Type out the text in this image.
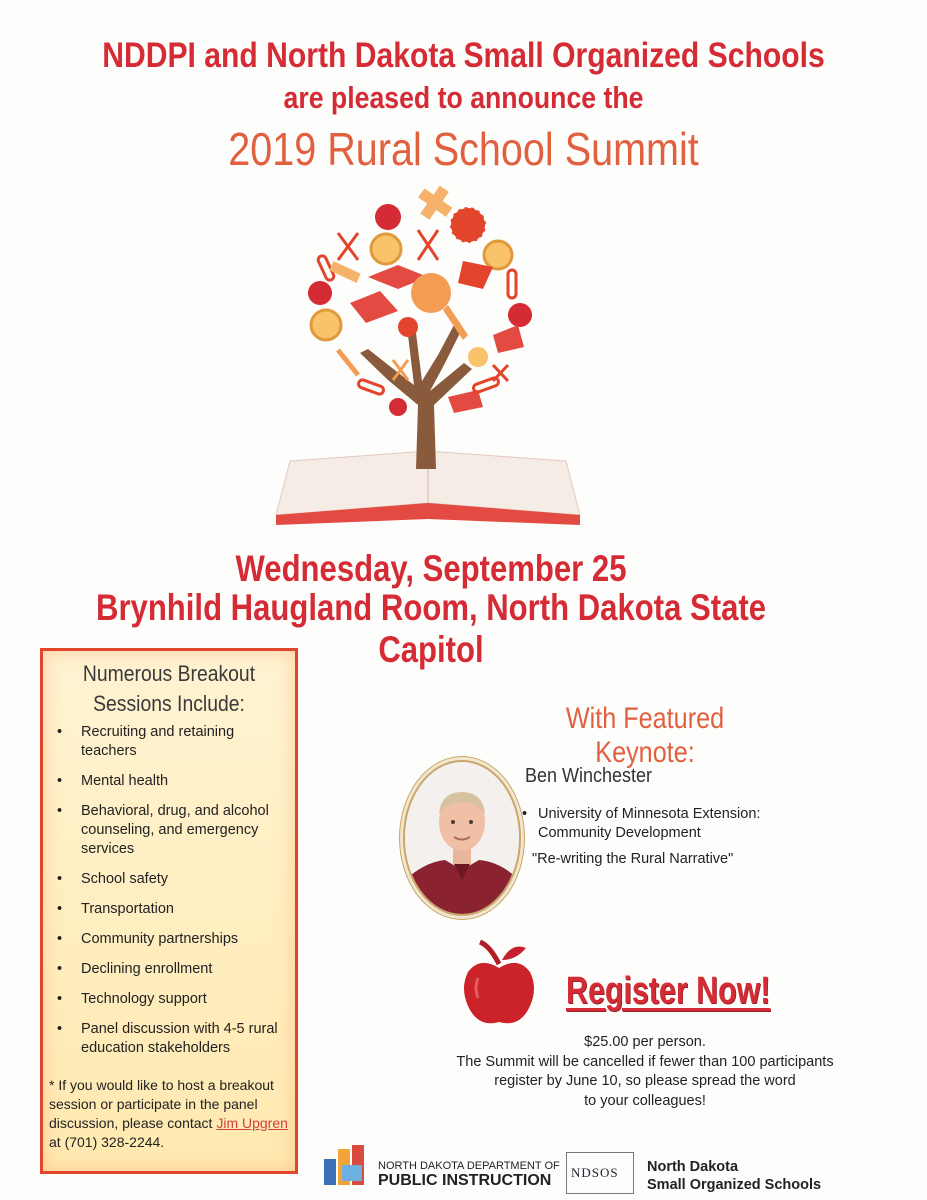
NDDPI and North Dakota Small Organized Schools
are pleased to announce the
2019 Rural School Summit
Wednesday, September 25
Brynhild Haugland Room, North Dakota State Capitol
Numerous Breakout
Sessions Include:
• Recruiting and retaining teachers
• Mental health
• Behavioral, drug, and alcohol counseling, and emergency services
• School safety
• Transportation
• Community partnerships
• Declining enrollment
• Technology support
• Panel discussion with 4-5 rural education stakeholders
* If you would like to host a breakout session or participate in the panel discussion, please contact Jim Upgren at (701) 328-2244.
With Featured Keynote:
Ben Winchester
• University of Minnesota Extension: Community Development
"Re-writing the Rural Narrative"
Register Now!
$25.00 per person.
The Summit will be cancelled if fewer than 100 participants
register by June 10, so please spread the word
to your colleagues!
NORTH DAKOTA DEPARTMENT OF
PUBLIC INSTRUCTION NDSOS North Dakota
Small Organized Schools
